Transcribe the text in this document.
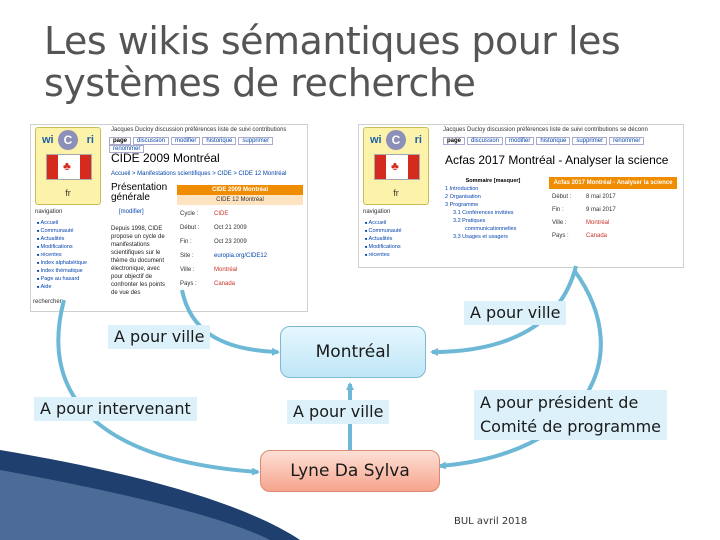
Les wikis sémantiques pour les systèmes de recherche
wi C	ri
♣
fr
Jacques Ducloy discussion préférences liste de suivi contributions
page discussion modifier historique supprimerrenommer
CIDE 2009 Montréal
Accueil > Manifestations scientifiques > CIDE > CIDE 12 Montréal
Présentation générale
[modifier]
Depuis 1998, CIDE
propose un cycle de
manifestations
scientifiques sur le
thème du document
électronique, avec
pour objectif de
confronter les points
de vue des
navigation
■ Accueil
■ Communauté
■ Actualités
■ Modifications
■ récentes
■ Index alphabétique
■ Index thématique
■ Page au hasard
■ Aide
rechercher
CIDE 2009 Montréal
CIDE 12 Montréal
Cycle :	CIDE
Début :	Oct 21 2009
Fin :	Oct 23 2009
Site :	europia.org/CIDE12
Ville :	Montréal
Pays :	Canada
wi C	ri
♣
fr
Jacques Ducloy discussion préférences liste de suivi contributions se déconn
page discussion modifier historique supprimer renommer
Acfas 2017 Montréal - Analyser la science
Sommaire [masquer]
1 Introduction
2 Organisation
3 Programme
3.1 Conférences invitées
3.2 Pratiques
communicationnelles
3.3 Usages et usagers
navigation
■ Accueil
■ Communauté
■ Actualités
■ Modifications
■ récentes
Acfas 2017 Montréal - Analyser la science
Début :	8 mai 2017
Fin :	9 mai 2017
Ville :	Montréal
Pays :	Canada
Montréal
Lyne Da Sylva
A pour ville
A pour ville
A pour ville
A pour intervenant	A pour président de
Comité de programme
BUL avril 2018
